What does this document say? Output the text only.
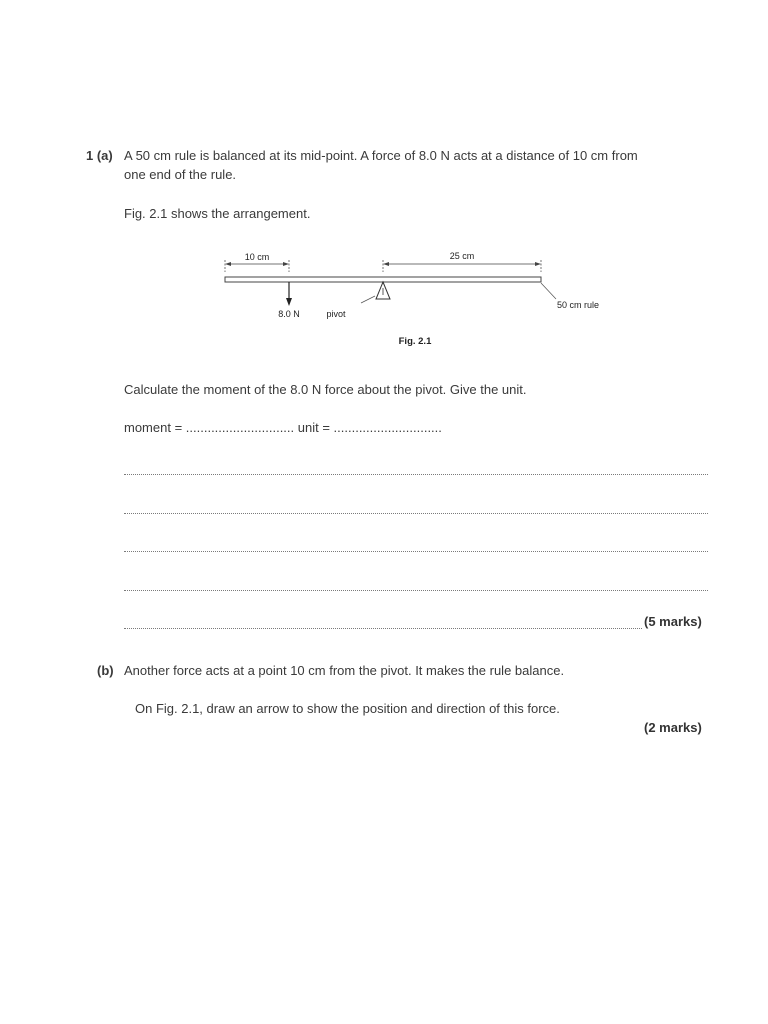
1 (a) A 50 cm rule is balanced at its mid-point. A force of 8.0 N acts at a distance of 10 cm from
one end of the rule.
Fig. 2.1 shows the arrangement.
10 cm	25 cm
8.0 N	pivot
50 cm rule
Fig. 2.1
Calculate the moment of the 8.0 N force about the pivot. Give the unit.
moment = .............................. unit = ..............................
(5 marks)
(b) Another force acts at a point 10 cm from the pivot. It makes the rule balance.
On Fig. 2.1, draw an arrow to show the position and direction of this force.
(2 marks)
